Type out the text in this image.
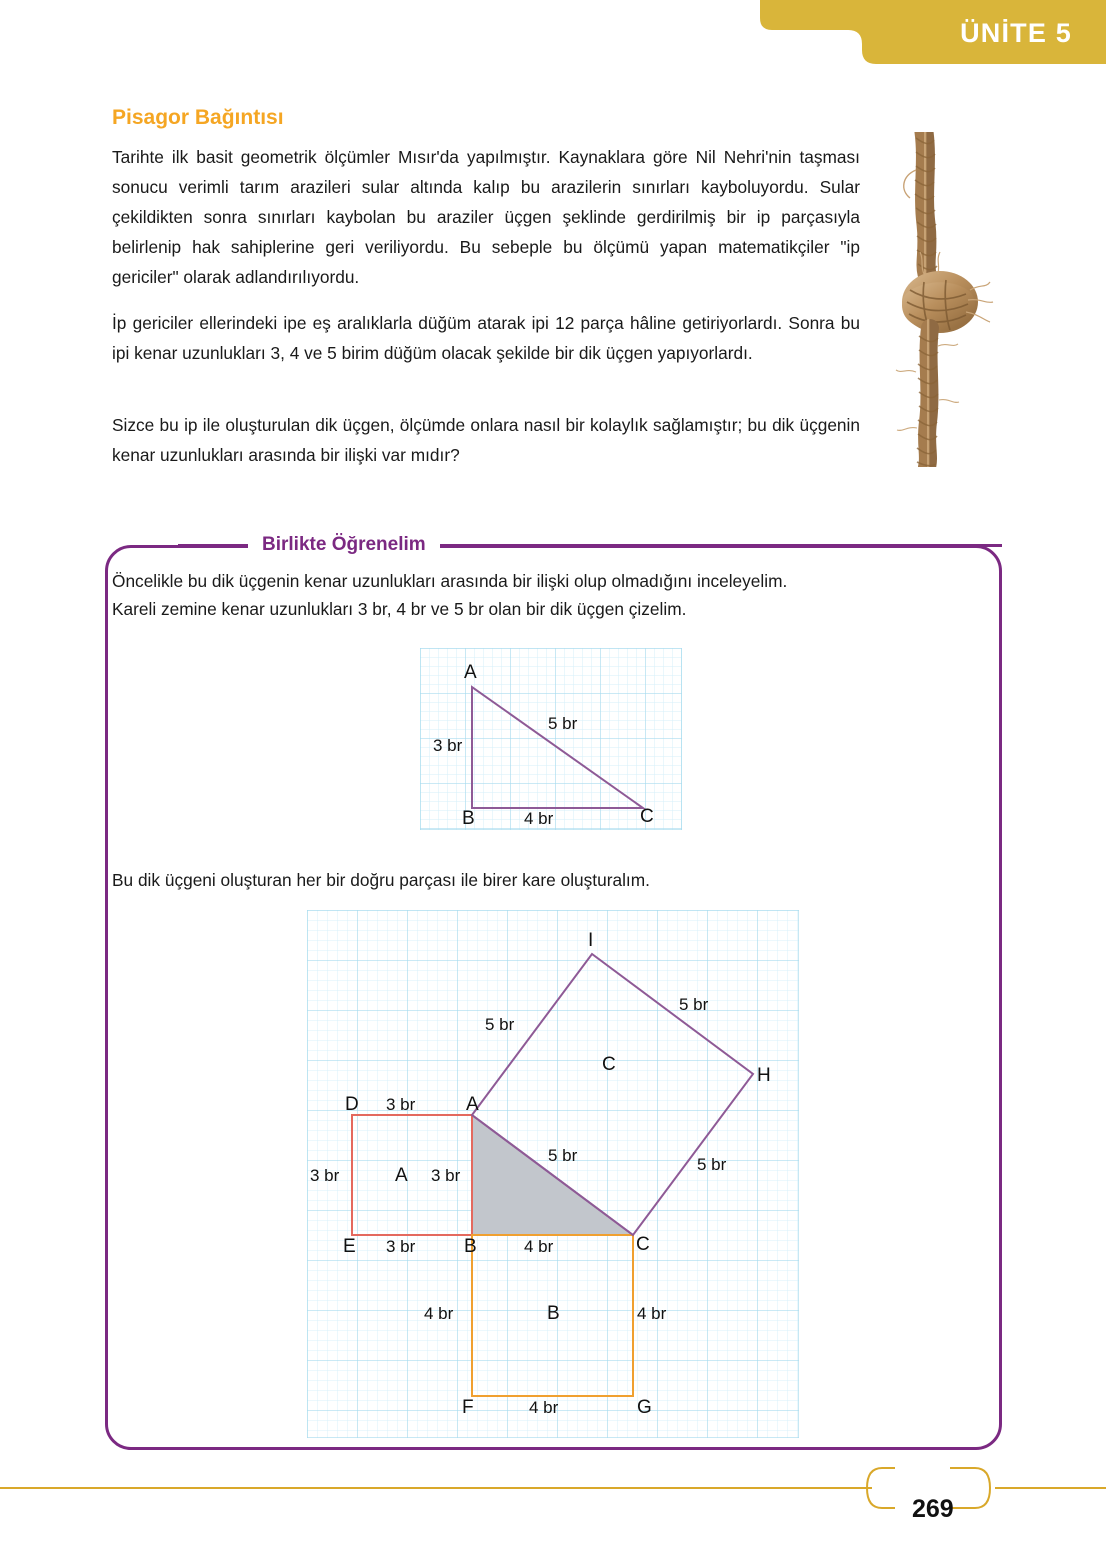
ÜNİTE 5
Pisagor Bağıntısı
Tarihte ilk basit geometrik ölçümler Mısır'da yapılmıştır. Kaynaklara göre Nil Nehri'nin taşması sonucu verimli tarım arazileri sular altında kalıp bu arazilerin sınırları kayboluyordu. Sular çekildikten sonra sınırları kaybolan bu araziler üçgen şeklinde gerdirilmiş bir ip parçasıyla belirlenip hak sahiplerine geri veriliyordu. Bu sebeple bu ölçümü yapan matematikçiler "ip gericiler" olarak adlandırılıyordu.
İp gericiler ellerindeki ipe eş aralıklarla düğüm atarak ipi 12 parça hâline getiriyorlardı. Sonra bu ipi kenar uzunlukları 3, 4 ve 5 birim düğüm olacak şekilde bir dik üçgen yapıyorlardı.
Sizce bu ip ile oluşturulan dik üçgen, ölçümde onlara nasıl bir kolaylık sağlamıştır; bu dik üçgenin kenar uzunlukları arasında bir ilişki var mıdır?
Birlikte Öğrenelim
Öncelikle bu dik üçgenin kenar uzunlukları arasında bir ilişki olup olmadığını inceleyelim.
Kareli zemine kenar uzunlukları 3 br, 4 br ve 5 br olan bir dik üçgen çizelim.
A
B	C
3 br
4 br
5 br
Bu dik üçgeni oluşturan her bir doğru parçası ile birer kare oluşturalım.
D	A
E	B	C
F	G
I
H
3 br
3 br	3 br
3 br
A
4 br
4 br	4 br
4 br
B
5 br
5 br
5 br
5 br
C
269
